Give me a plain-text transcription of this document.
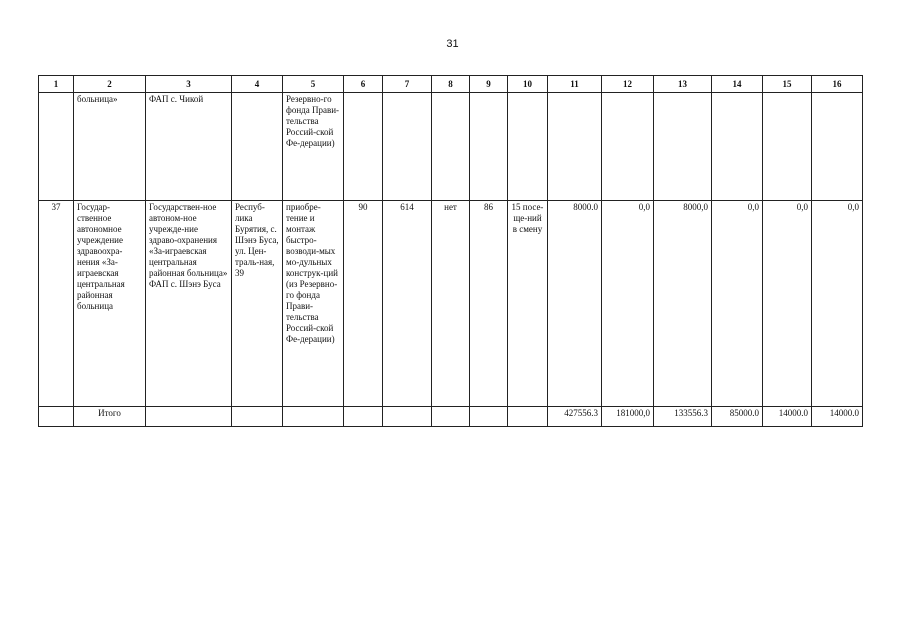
31
1	2	3	4	5	6	7	8	9	10	11	12	13	14	15	16
	больница»	ФАП с. Чикой		Резервно-го фонда Прави-тельства Россий-ской Фе-дерации)											
37	Государ-ственное автономное учреждение здравоохра-нения «За-играевская центральная районная больница	Государствен-ное автоном-ное учрежде-ние здраво-охранения «За-играевская центральная районная больница» ФАП с. Шэнэ Буса	Респуб-лика Бурятия, с. Шэнэ Буса, ул. Цен-траль-ная, 39	приобре-тение и монтаж быстро-возводи-мых мо-дульных конструк-ций (из Резервно-го фонда Прави-тельства Россий-ской Фе-дерации)	90	614	нет	86	15 посе-ще-ний в смену	8000.0	0,0	8000,0	0,0	0,0	0,0
	Итого									427556.3	181000,0	133556.3	85000.0	14000.0	14000.0
